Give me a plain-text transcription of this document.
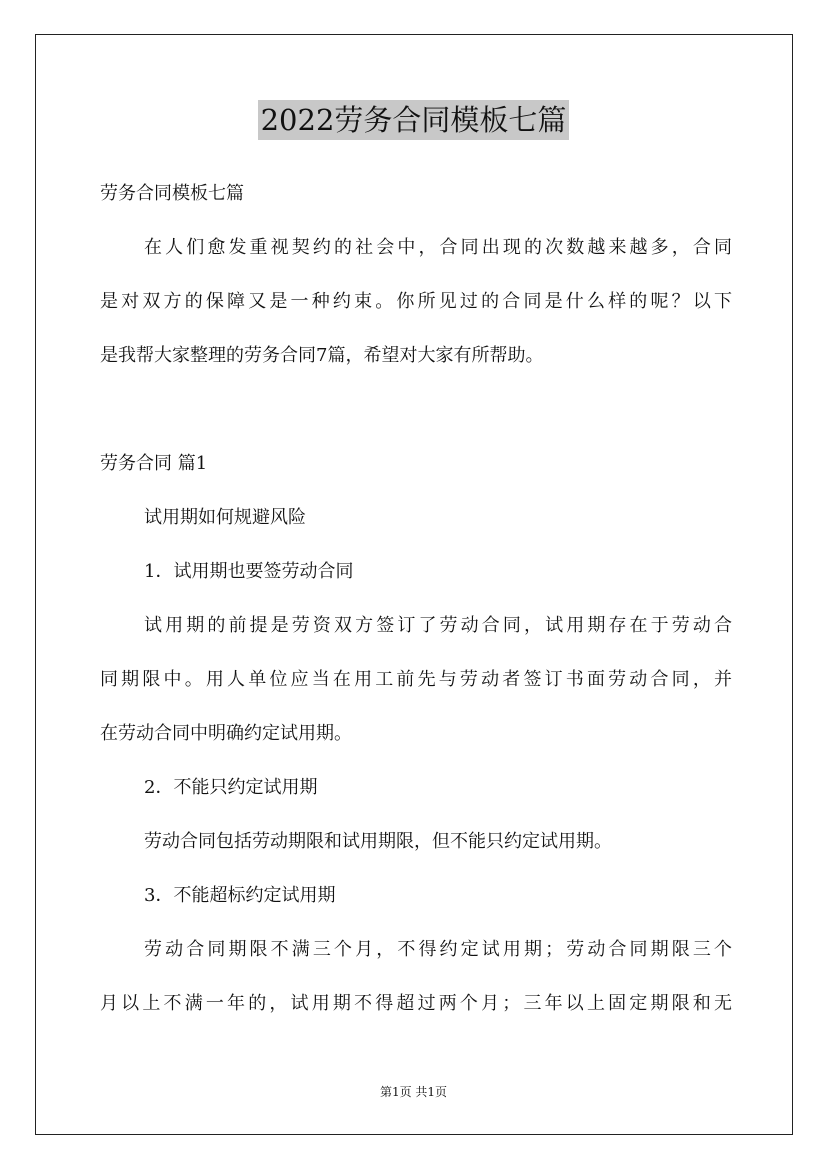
2022劳务合同模板七篇

劳务合同模板七篇

在人们愈发重视契约的社会中，合同出现的次数越来越多，合同

是对双方的保障又是一种约束。你所见过的合同是什么样的呢？以下

是我帮大家整理的劳务合同7篇，希望对大家有所帮助。

劳务合同 篇1

试用期如何规避风险

1．试用期也要签劳动合同

试用期的前提是劳资双方签订了劳动合同，试用期存在于劳动合

同期限中。用人单位应当在用工前先与劳动者签订书面劳动合同，并

在劳动合同中明确约定试用期。

2．不能只约定试用期

劳动合同包括劳动期限和试用期限，但不能只约定试用期。

3．不能超标约定试用期

劳动合同期限不满三个月，不得约定试用期；劳动合同期限三个

月以上不满一年的，试用期不得超过两个月；三年以上固定期限和无

第1页 共1页
